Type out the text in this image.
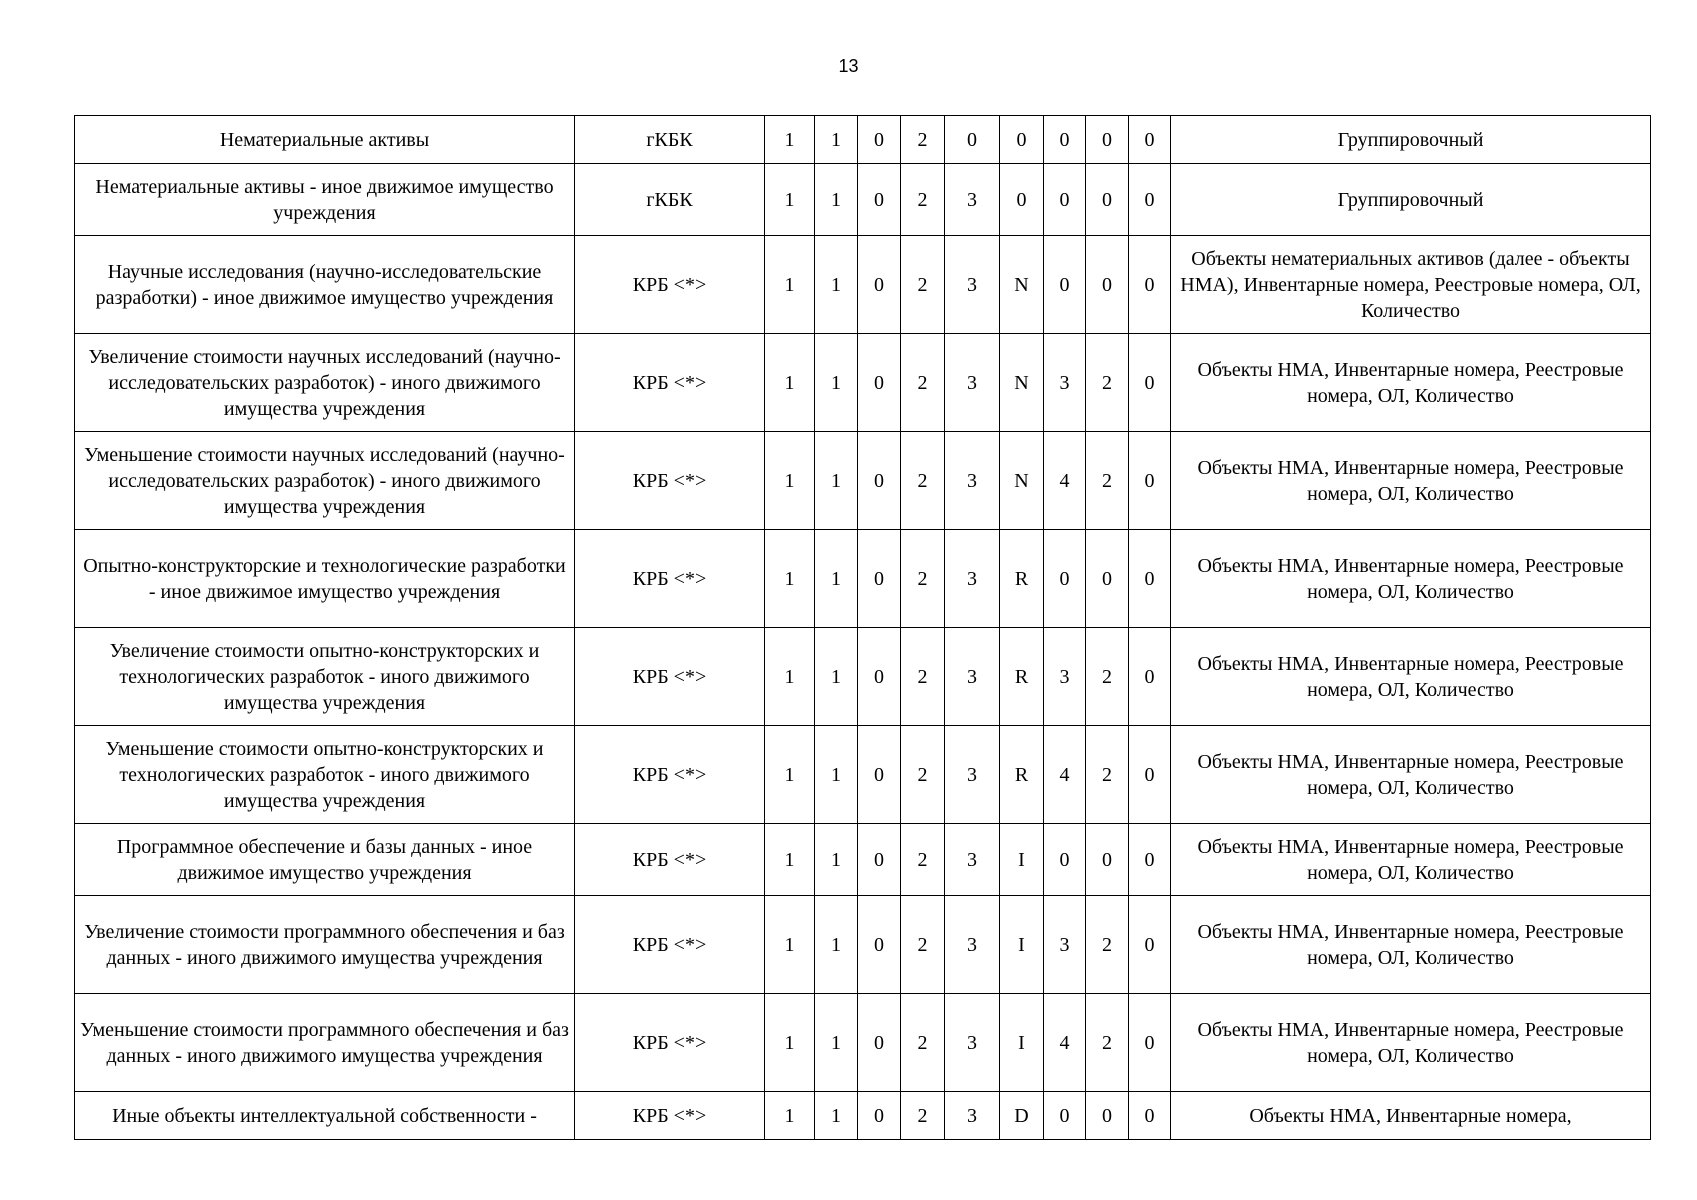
13
Нематериальные активы	гКБК	1	1	0	2	0	0	0	0	0	Группировочный
Нематериальные активы - иное движимое имущество учреждения	гКБК	1	1	0	2	3	0	0	0	0	Группировочный
Научные исследования (научно-исследовательские разработки) - иное движимое имущество учреждения	КРБ <*>	1	1	0	2	3	N	0	0	0	Объекты нематериальных активов (далее - объекты НМА), Инвентарные номера, Реестровые номера, ОЛ, Количество
Увеличение стоимости научных исследований (научно-исследовательских разработок) - иного движимого имущества учреждения	КРБ <*>	1	1	0	2	3	N	3	2	0	Объекты НМА, Инвентарные номера, Реестровые номера, ОЛ, Количество
Уменьшение стоимости научных исследований (научно-исследовательских разработок) - иного движимого имущества учреждения	КРБ <*>	1	1	0	2	3	N	4	2	0	Объекты НМА, Инвентарные номера, Реестровые номера, ОЛ, Количество
Опытно-конструкторские и технологические разработки - иное движимое имущество учреждения	КРБ <*>	1	1	0	2	3	R	0	0	0	Объекты НМА, Инвентарные номера, Реестровые номера, ОЛ, Количество
Увеличение стоимости опытно-конструкторских и технологических разработок - иного движимого имущества учреждения	КРБ <*>	1	1	0	2	3	R	3	2	0	Объекты НМА, Инвентарные номера, Реестровые номера, ОЛ, Количество
Уменьшение стоимости опытно-конструкторских и технологических разработок - иного движимого имущества учреждения	КРБ <*>	1	1	0	2	3	R	4	2	0	Объекты НМА, Инвентарные номера, Реестровые номера, ОЛ, Количество
Программное обеспечение и базы данных - иное движимое имущество учреждения	КРБ <*>	1	1	0	2	3	I	0	0	0	Объекты НМА, Инвентарные номера, Реестровые номера, ОЛ, Количество
Увеличение стоимости программного обеспечения и баз данных - иного движимого имущества учреждения	КРБ <*>	1	1	0	2	3	I	3	2	0	Объекты НМА, Инвентарные номера, Реестровые номера, ОЛ, Количество
Уменьшение стоимости программного обеспечения и баз данных - иного движимого имущества учреждения	КРБ <*>	1	1	0	2	3	I	4	2	0	Объекты НМА, Инвентарные номера, Реестровые номера, ОЛ, Количество
Иные объекты интеллектуальной собственности -	КРБ <*>	1	1	0	2	3	D	0	0	0	Объекты НМА, Инвентарные номера,
